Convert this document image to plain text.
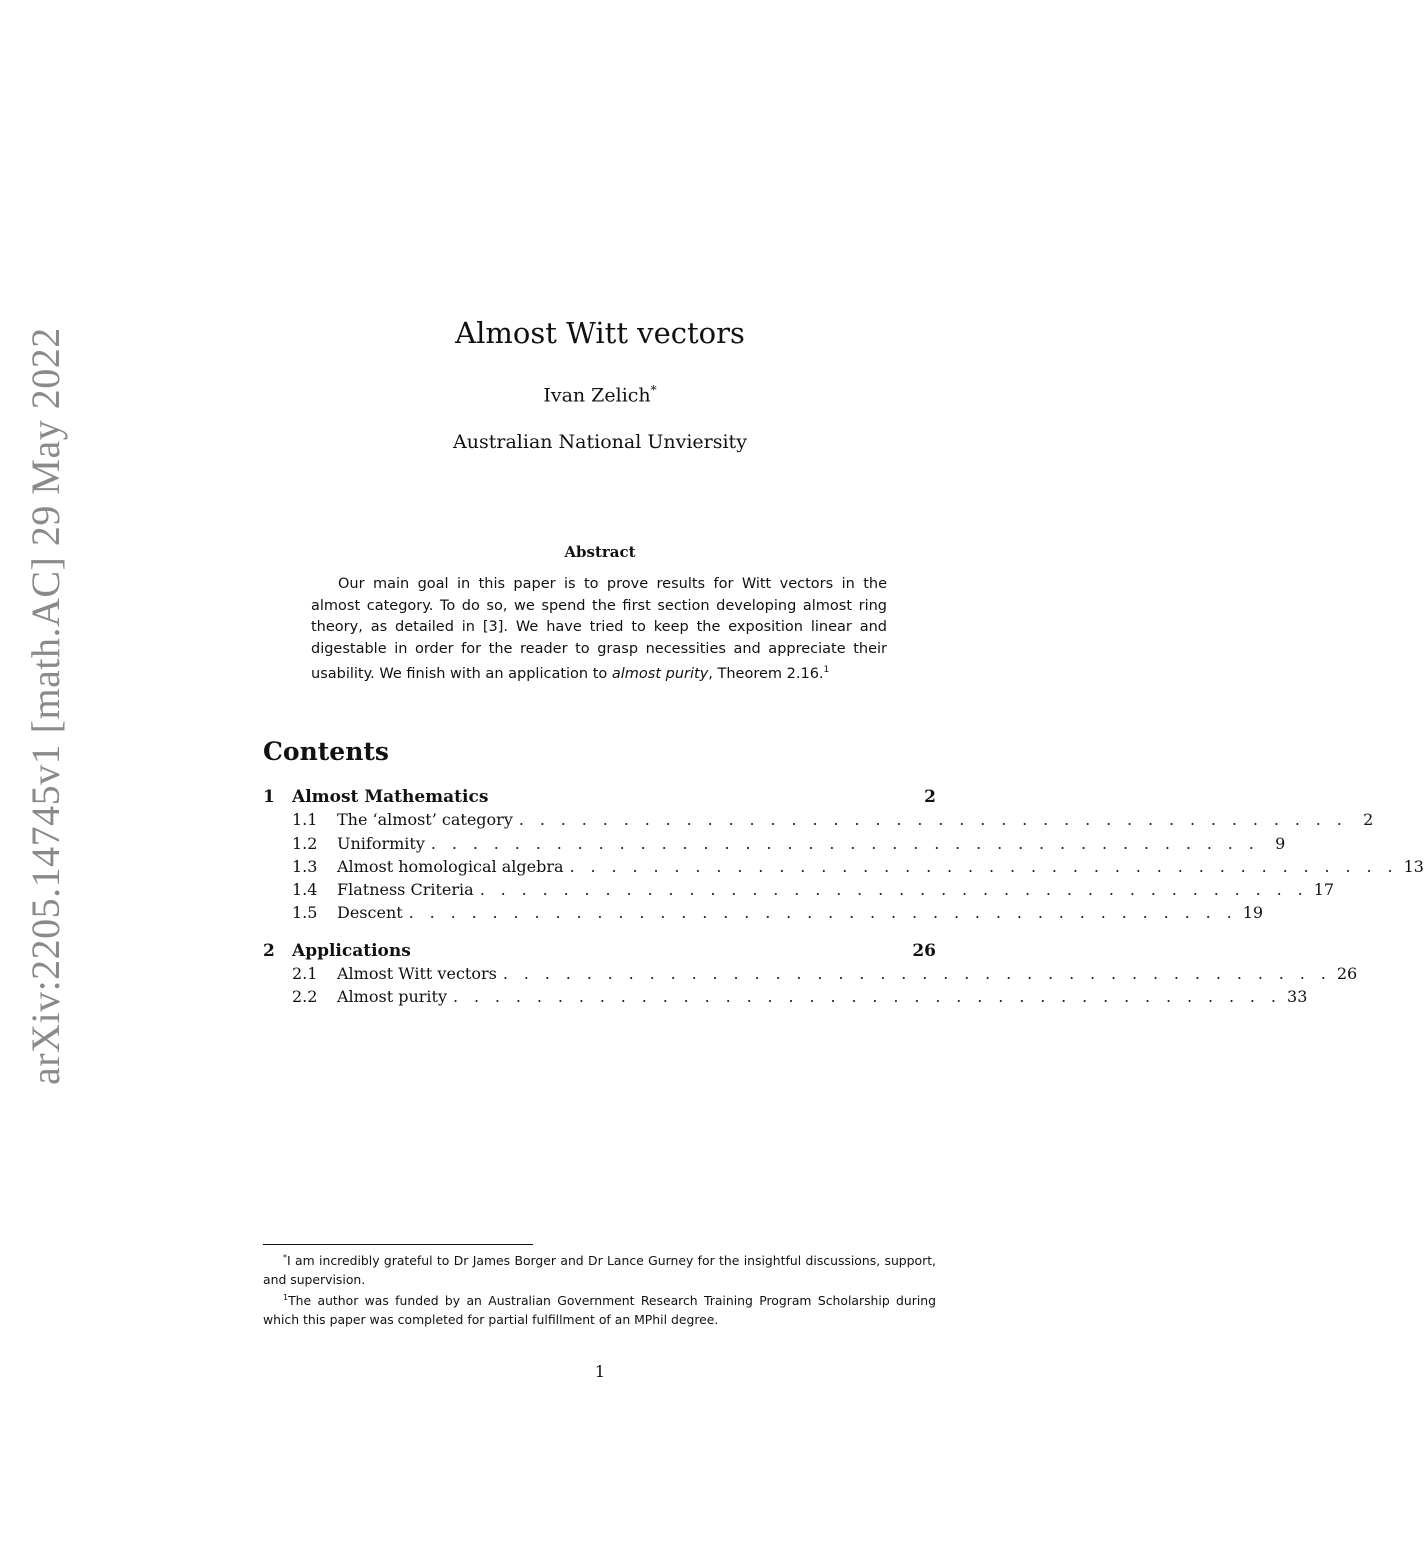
arXiv:2205.14745v1 [math.AC] 29 May 2022	Almost Witt vectors
Ivan Zelich*
Australian National Unviersity
Abstract
Our main goal in this paper is to prove results for Witt vectors in the almost category. To do so, we spend the first section developing almost ring theory, as detailed in [3]. We have tried to keep the exposition linear and digestable in order for the reader to grasp necessities and appreciate their usability. We finish with an application to almost purity, Theorem 2.16.$^1$
Contents
1	Almost Mathematics	2
1.1	The ‘almost’ category . . . . . . . . . . . . . . . . . . . . . . . . . . . . . . . . . . . . . . . . 2
1.2	Uniformity . . . . . . . . . . . . . . . . . . . . . . . . . . . . . . . . . . . . . . . . 9
1.3	Almost homological algebra . . . . . . . . . . . . . . . . . . . . . . . . . . . . . . . . . . . . . . . . 13
1.4	Flatness Criteria . . . . . . . . . . . . . . . . . . . . . . . . . . . . . . . . . . . . . . . . 17
1.5	Descent . . . . . . . . . . . . . . . . . . . . . . . . . . . . . . . . . . . . . . . . 19
2	Applications	26
2.1	Almost Witt vectors . . . . . . . . . . . . . . . . . . . . . . . . . . . . . . . . . . . . . . . . 26
2.2	Almost purity . . . . . . . . . . . . . . . . . . . . . . . . . . . . . . . . . . . . . . . . 33

*I am incredibly grateful to Dr James Borger and Dr Lance Gurney for the insightful discussions, support, and supervision.

$^1$The author was funded by an Australian Government Research Training Program Scholarship during which this paper was completed for partial fulfillment of an MPhil degree.

1
